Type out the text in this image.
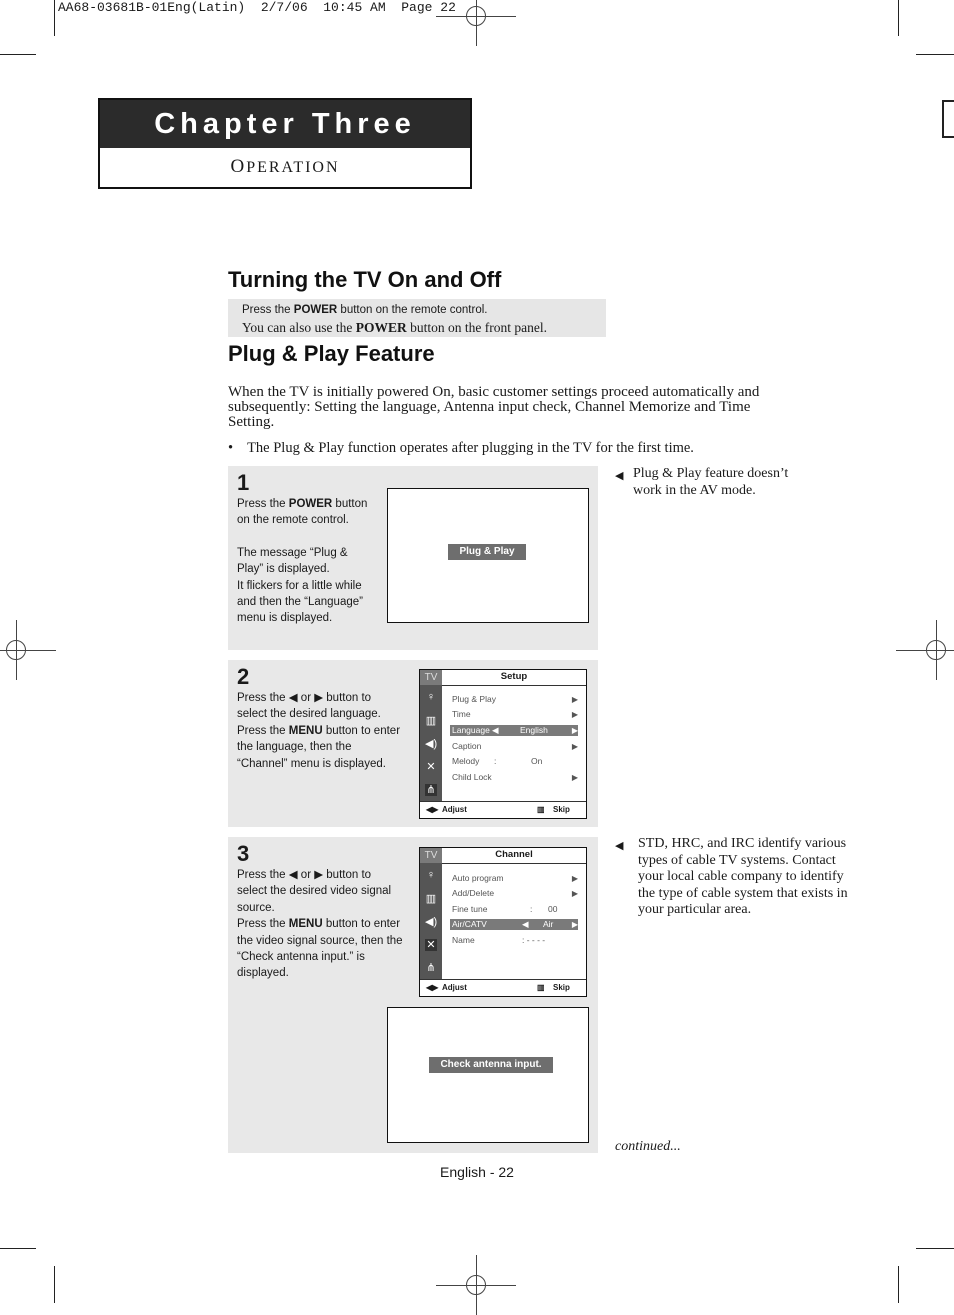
AA68-03681B-01Eng(Latin)  2/7/06  10:45 AM  Page 22
Chapter Three
OPERATION
Turning the TV On and Off
Press the POWER button on the remote control.
You can also use the POWER button on the front panel.
Plug & Play Feature
When the TV is initially powered On, basic customer settings proceed automatically and subsequently: Setting the language, Antenna input check, Channel Memorize and Time Setting.
• The Plug & Play function operates after plugging in the TV for the first time.
1
Press the POWER button
on the remote control.
The message “Plug &
Play” is displayed.
It flickers for a little while
and then the “Language”
menu is displayed.
Plug & Play
2
Press the ◀ or ▶ button to
select the desired language.
Press the MENU button to enter
the language, then the
“Channel” menu is displayed.
TV
♀
▥
◀)
✕
⋔
Setup
Plug & Play	▶
Time	▶
Language ◀	English	▶
Caption	▶
Melody :	On
Child Lock	▶
◀▶ Adjust	▥ Skip
3
Press the ◀ or ▶ button to
select the desired video signal
source.
Press the MENU button to enter
the video signal source, then the
“Check antenna input.” is
displayed.
TV
♀
▥
◀)
✕
⋔
Channel
Auto program	▶
Add/Delete	▶
Fine tune	: 00
Air/CATV	◀ Air ▶
Name	: - - - -
◀▶ Adjust	▥ Skip
Check antenna input.
◀▶ Auto program ▥ Skip
◀ Plug & Play feature doesn’t work in the AV mode.
◀ STD, HRC, and IRC identify various types of cable TV systems. Contact your local cable company to identify the type of cable system that exists in your particular area.
continued...
English - 22
